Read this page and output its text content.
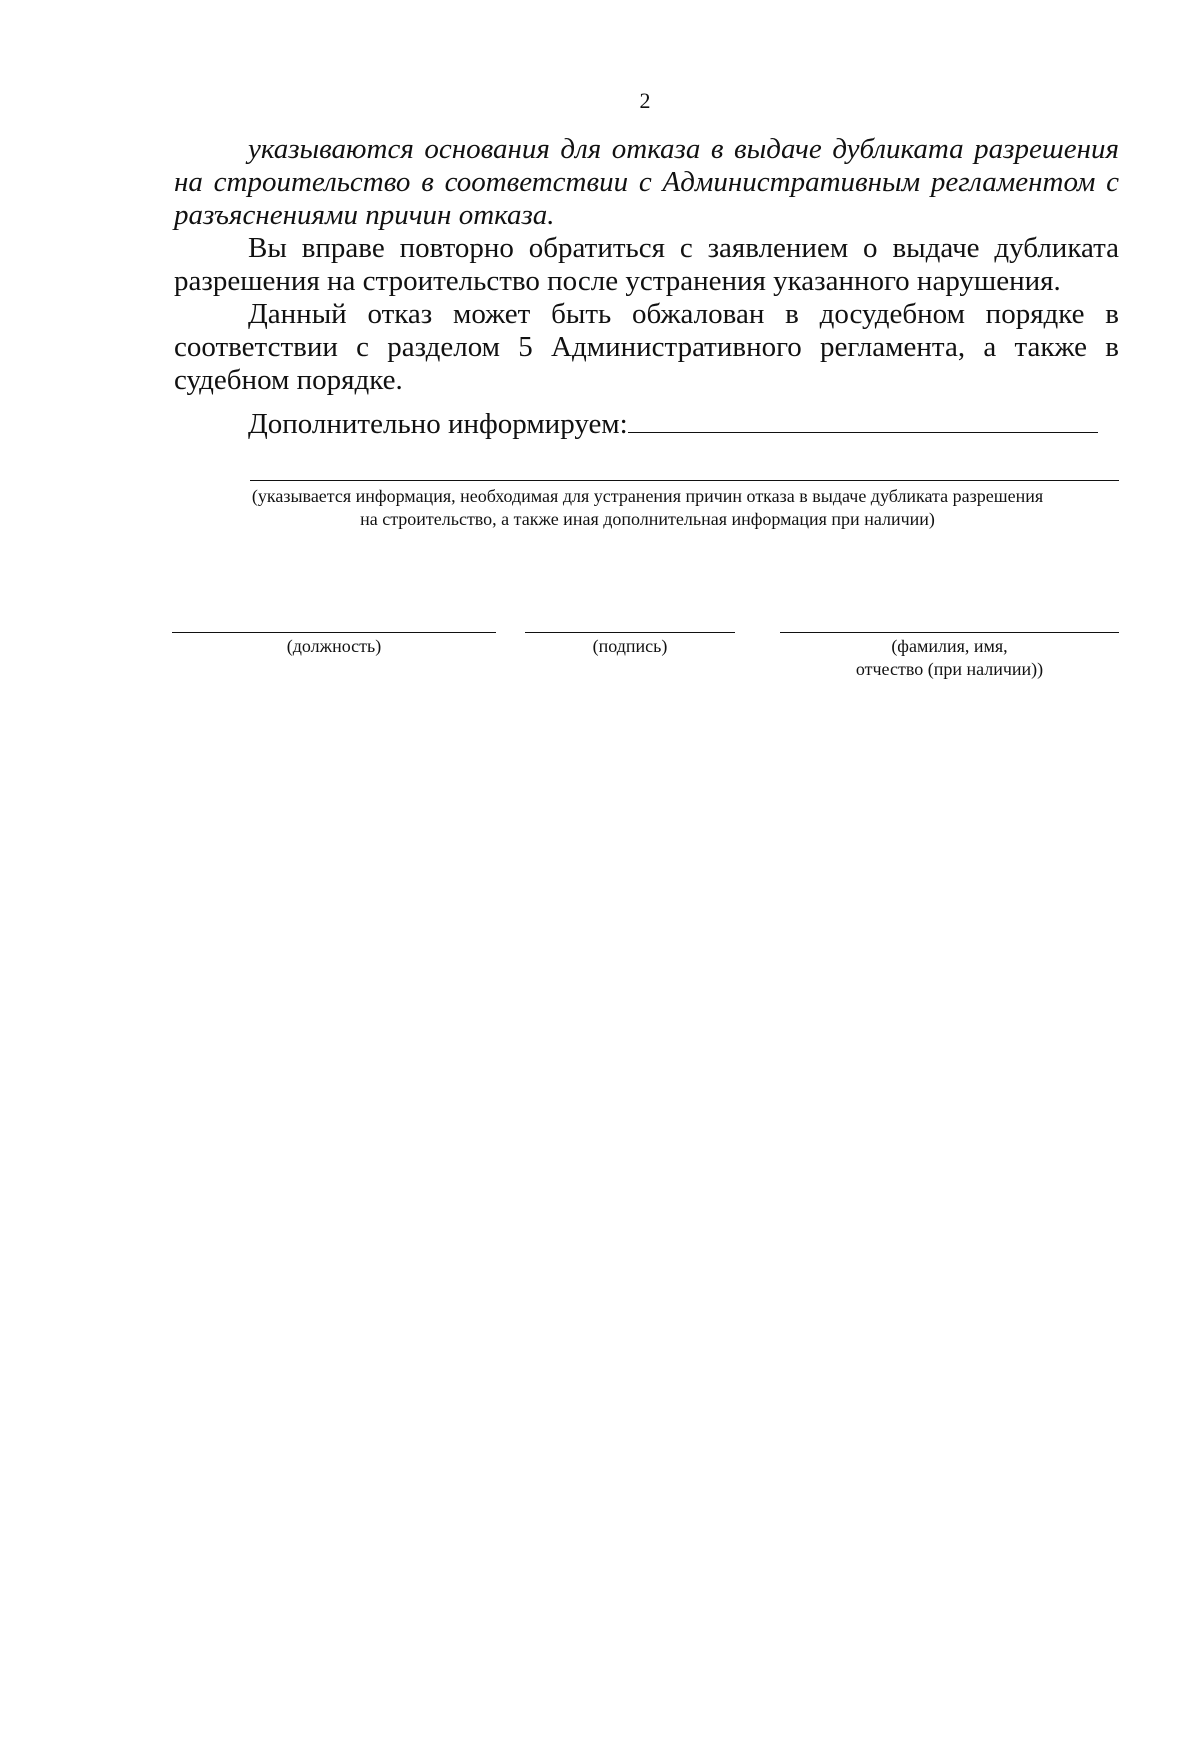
2

указываются основания для отказа в выдаче дубликата разрешения на строительство в соответствии с Административным регламентом с разъяснениями причин отказа.

Вы вправе повторно обратиться с заявлением о выдаче дубликата разрешения на строительство после устранения указанного нарушения.

Данный отказ может быть обжалован в досудебном порядке в соответствии с разделом 5 Административного регламента, а также в судебном порядке.

Дополнительно информируем:
(указывается информация, необходимая для устранения причин отказа в выдаче дубликата разрешения
на строительство, а также иная дополнительная информация при наличии)
(должность)	(подпись)	(фамилия, имя,
отчество (при наличии))
